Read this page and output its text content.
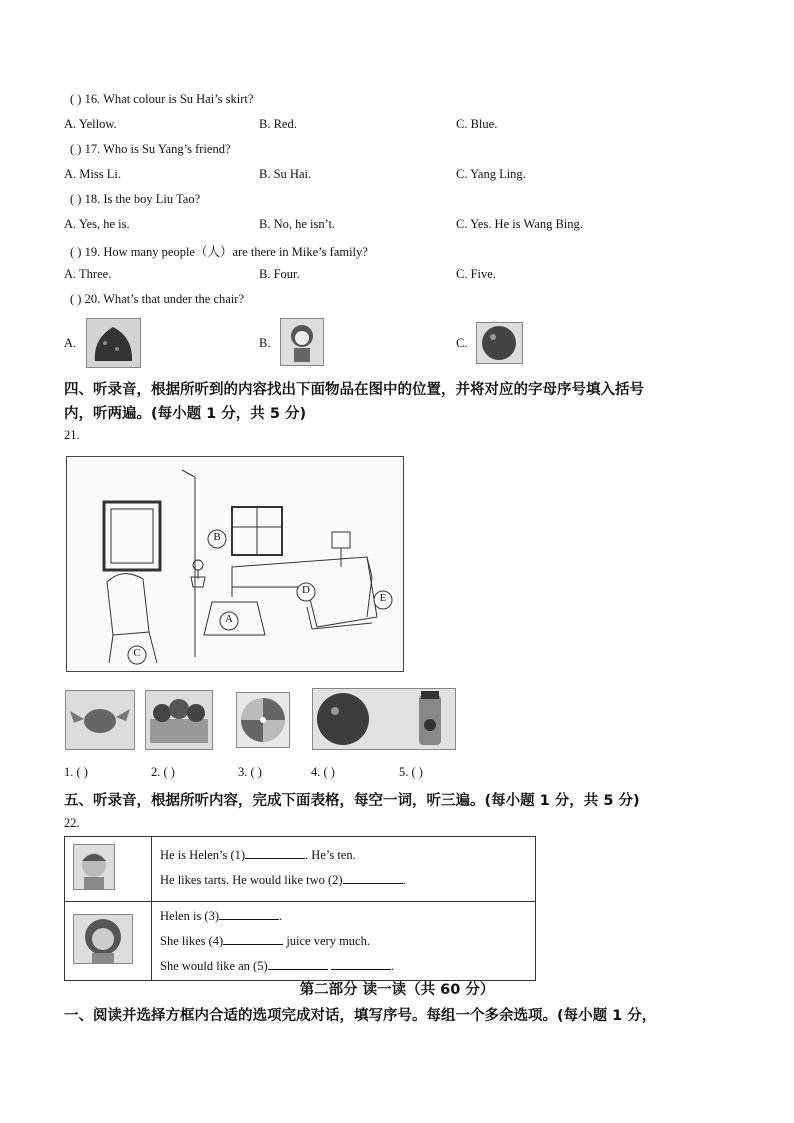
( ) 16. What colour is Su Hai’s skirt?
A. Yellow.	B. Red.	C. Blue.
( ) 17. Who is Su Yang’s friend?
A. Miss Li.	B. Su Hai.	C. Yang Ling.
( ) 18. Is the boy Liu Tao?
A. Yes, he is.	B. No, he isn’t.	C. Yes. He is Wang Bing.
( ) 19. How many people（人）are there in Mike’s family?
A. Three.	B. Four.	C. Five.
( ) 20. What’s that under the chair?
A.	B.	C.
四、听录音，根据所听到的内容找出下面物品在图中的位置，并将对应的字母序号填入括号
内，听两遍。(每小题 1 分，共 5 分)
21.
A
B
C
D
E
1. ( )	2. ( )	3. ( )	4. ( )	5. ( )
五、听录音，根据所听内容，完成下面表格，每空一词，听三遍。(每小题 1 分，共 5 分)
22.

He is Helen’s (1) . He’s ten.
He likes tarts. He would like two (2) .

Helen is (3) .
She likes (4) juice very much.
She would like an (5) .
第二部分 读一读（共 60 分）
一、阅读并选择方框内合适的选项完成对话，填写序号。每组一个多余选项。(每小题 1 分，
